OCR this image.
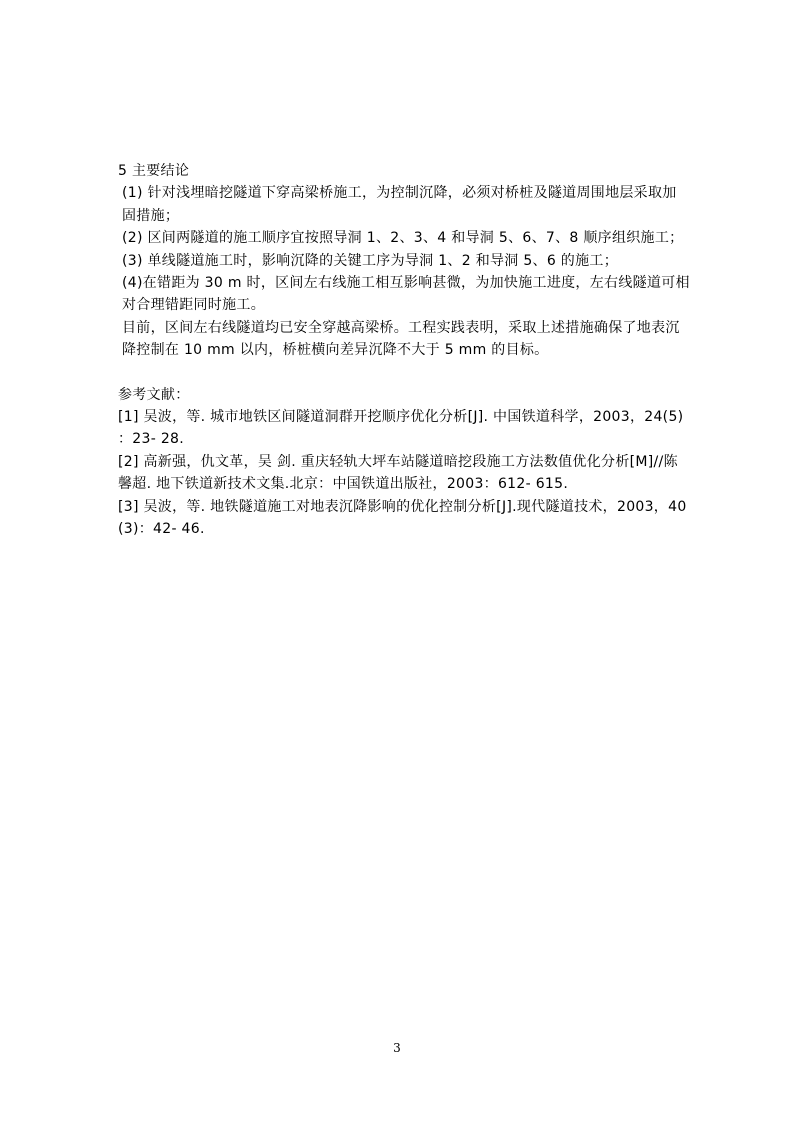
5 主要结论

(1) 针对浅埋暗挖隧道下穿高梁桥施工，为控制沉降，必须对桥桩及隧道周围地层采取加固措施；

(2) 区间两隧道的施工顺序宜按照导洞 1、2、3、4 和导洞 5、6、7、8 顺序组织施工；

(3) 单线隧道施工时，影响沉降的关键工序为导洞 1、2 和导洞 5、6 的施工；

(4)在错距为 30 m 时，区间左右线施工相互影响甚微，为加快施工进度，左右线隧道可相对合理错距同时施工。

目前，区间左右线隧道均已安全穿越高梁桥。工程实践表明，采取上述措施确保了地表沉降控制在 10 mm 以内，桥桩横向差异沉降不大于 5 mm 的目标。

参考文献：

[1] 吴波，等. 城市地铁区间隧道洞群开挖顺序优化分析[J]. 中国铁道科学，2003，24(5) ：23- 28.

[2] 高新强，仇文革，吴 剑. 重庆轻轨大坪车站隧道暗挖段施工方法数值优化分析[M]//陈馨超. 地下铁道新技术文集.北京：中国铁道出版社，2003：612- 615.

[3] 吴波，等. 地铁隧道施工对地表沉降影响的优化控制分析[J].现代隧道技术，2003，40(3)：42- 46.

3
